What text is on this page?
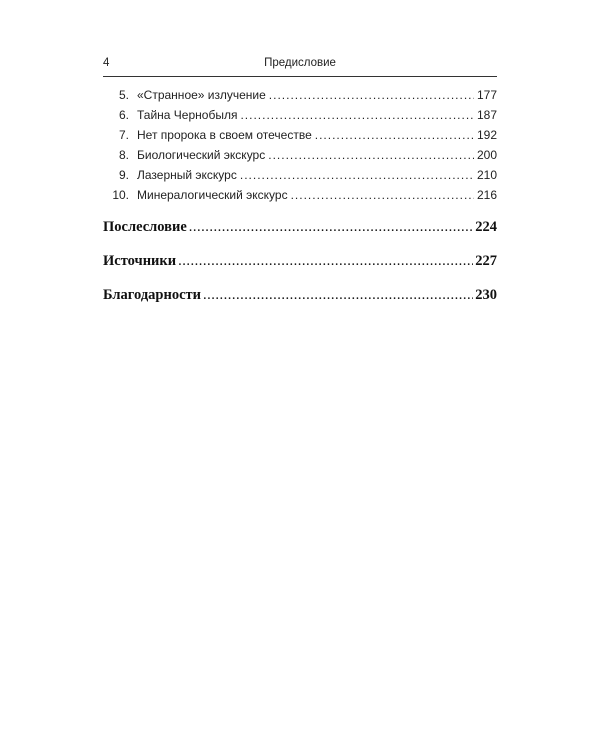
4	Предисловие
5. «Странное» излучение .....	177
6. Тайна Чернобыля .....	187
7. Нет пророка в своем отечестве .....	192
8. Биологический экскурс .....	200
9. Лазерный экскурс .....	210
10. Минералогический экскурс .....	216
Послесловие .....	224
Источники .....	227
Благодарности .....	230
